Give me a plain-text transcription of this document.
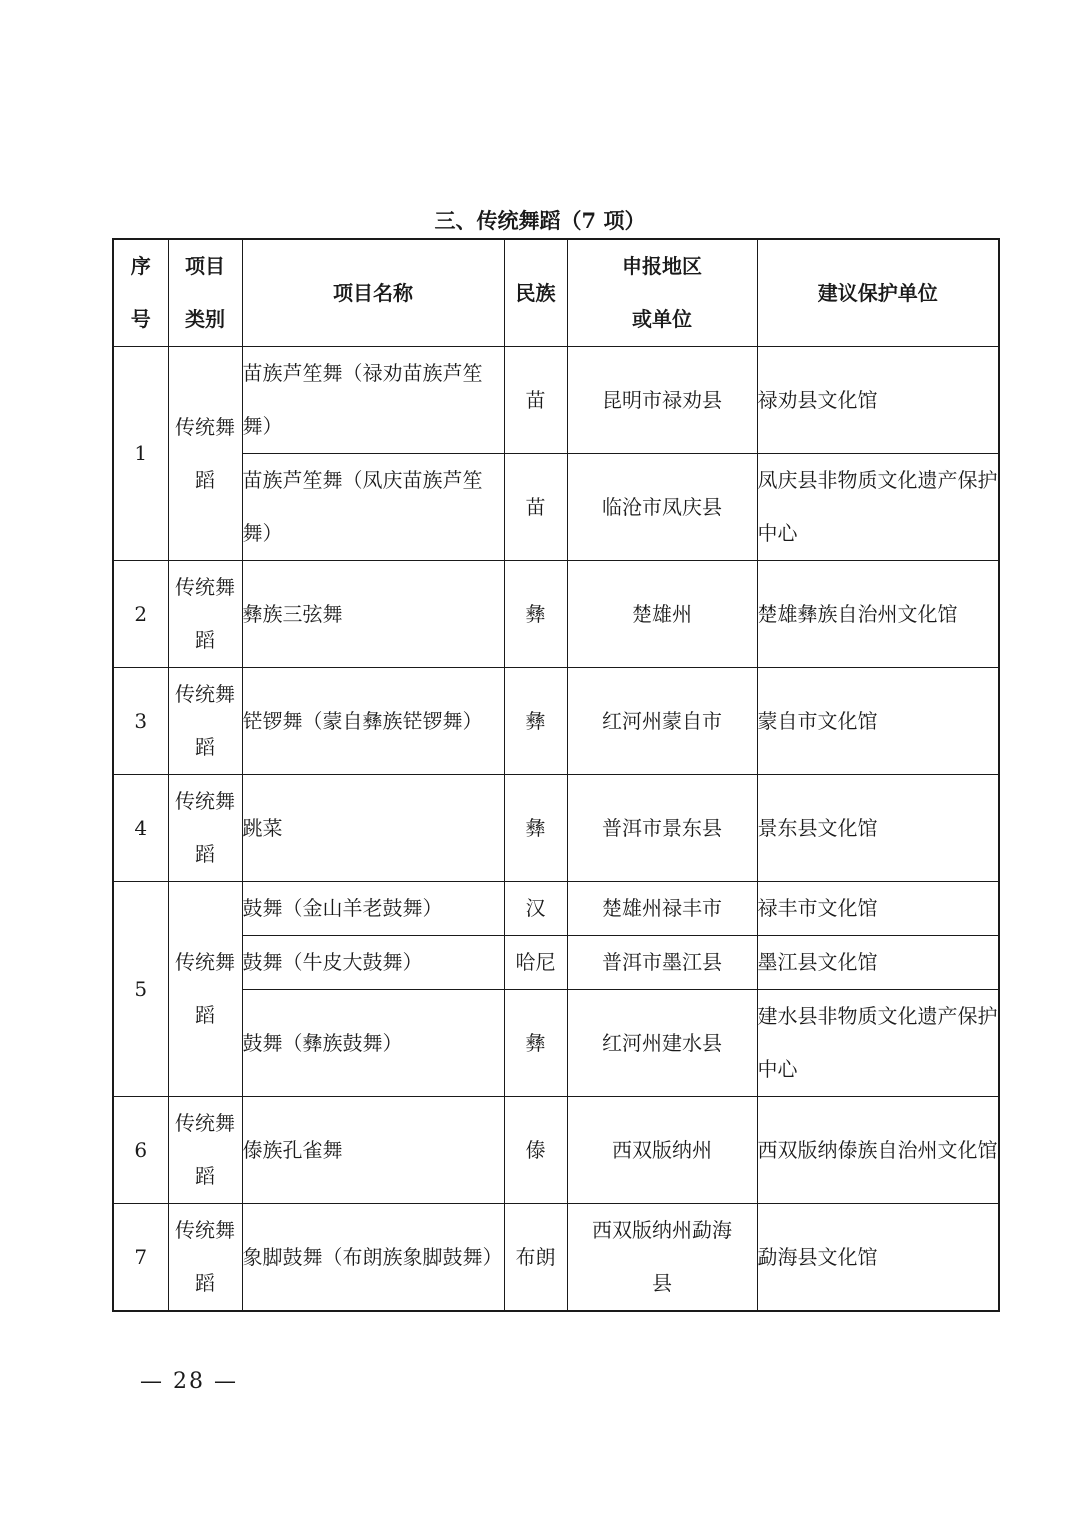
三、传统舞蹈（7 项）
序号	项目类别	项目名称	民族	申报地区或单位	建议保护单位
1	传统舞蹈	苗族芦笙舞（禄劝苗族芦笙舞）	苗	昆明市禄劝县	禄劝县文化馆
		苗族芦笙舞（凤庆苗族芦笙舞）	苗	临沧市凤庆县	凤庆县非物质文化遗产保护中心
2	传统舞蹈	彝族三弦舞	彝	楚雄州	楚雄彝族自治州文化馆
3	传统舞蹈	铓锣舞（蒙自彝族铓锣舞）	彝	红河州蒙自市	蒙自市文化馆
4	传统舞蹈	跳菜	彝	普洱市景东县	景东县文化馆
5	传统舞蹈	鼓舞（金山羊老鼓舞）	汉	楚雄州禄丰市	禄丰市文化馆
		鼓舞（牛皮大鼓舞）	哈尼	普洱市墨江县	墨江县文化馆
		鼓舞（彝族鼓舞）	彝	红河州建水县	建水县非物质文化遗产保护中心
6	传统舞蹈	傣族孔雀舞	傣	西双版纳州	西双版纳傣族自治州文化馆
7	传统舞蹈	象脚鼓舞（布朗族象脚鼓舞）	布朗	西双版纳州勐海县	勐海县文化馆
— 28 —
